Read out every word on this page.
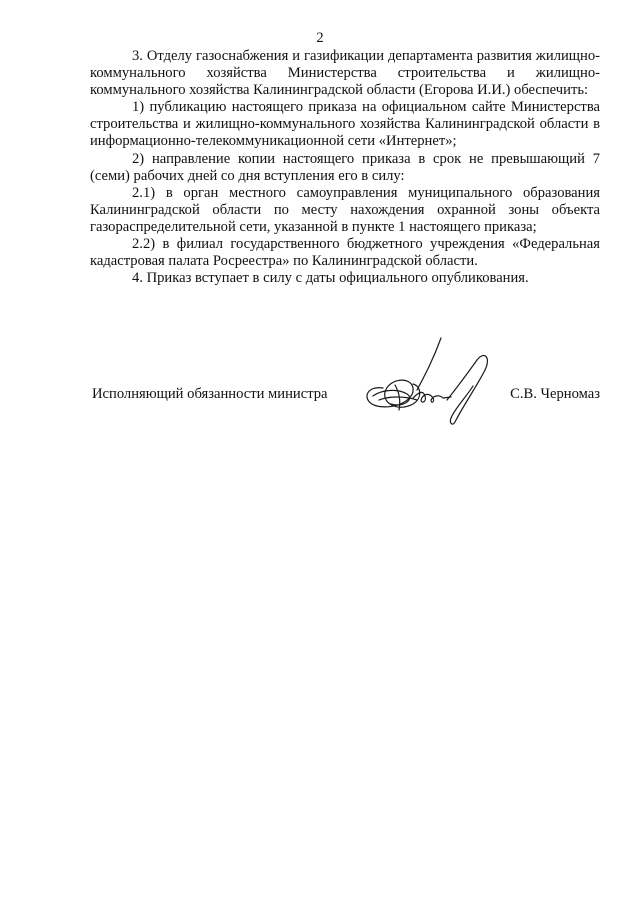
2

3. Отделу газоснабжения и газификации департамента развития жилищно-коммунального хозяйства Министерства строительства и жилищно-коммунального хозяйства Калининградской области (Егорова И.И.) обеспечить:

1) публикацию настоящего приказа на официальном сайте Министерства строительства и жилищно-коммунального хозяйства Калининградской области в информационно-телекоммуникационной сети «Интернет»;

2) направление копии настоящего приказа в срок не превышающий 7 (семи) рабочих дней со дня вступления его в силу:

2.1) в орган местного самоуправления муниципального образования Калининградской области по месту нахождения охранной зоны объекта газораспределительной сети, указанной в пункте 1 настоящего приказа;

2.2) в филиал государственного бюджетного учреждения «Федеральная кадастровая палата Росреестра» по Калининградской области.

4. Приказ вступает в силу с даты официального опубликования.

Исполняющий обязанности министра	С.В. Черномаз
